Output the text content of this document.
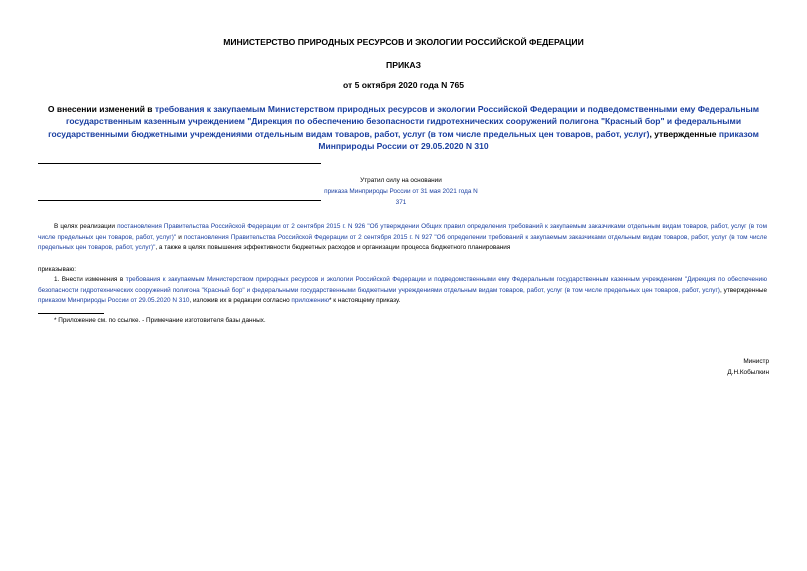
МИНИСТЕРСТВО ПРИРОДНЫХ РЕСУРСОВ И ЭКОЛОГИИ РОССИЙСКОЙ ФЕДЕРАЦИИ
ПРИКАЗ
от 5 октября 2020 года N 765
О внесении изменений в требования к закупаемым Министерством природных ресурсов и экологии Российской Федерации и подведомственными ему Федеральным государственным казенным учреждением "Дирекция по обеспечению безопасности гидротехнических сооружений полигона "Красный бор" и федеральными государственными бюджетными учреждениями отдельным видам товаров, работ, услуг (в том числе предельных цен товаров, работ, услуг), утвержденные приказом Минприроды России от 29.05.2020 N 310
Утратил силу на основании
приказа Минприроды России от 31 мая 2021 года N 371
В целях реализации постановления Правительства Российской Федерации от 2 сентября 2015 г. N 926 "Об утверждении Общих правил определения требований к закупаемым заказчиками отдельным видам товаров, работ, услуг (в том числе предельных цен товаров, работ, услуг)" и постановления Правительства Российской Федерации от 2 сентября 2015 г. N 927 "Об определении требований к закупаемым заказчиками отдельным видам товаров, работ, услуг (в том числе предельных цен товаров, работ, услуг)", а также в целях повышения эффективности бюджетных расходов и организации процесса бюджетного планирования
приказываю:
1. Внести изменения в требования к закупаемым Министерством природных ресурсов и экологии Российской Федерации и подведомственными ему Федеральным государственным казенным учреждением "Дирекция по обеспечению безопасности гидротехнических сооружений полигона "Красный бор" и федеральными государственными бюджетными учреждениями отдельным видам товаров, работ, услуг (в том числе предельных цен товаров, работ, услуг), утвержденные приказом Минприроды России от 29.05.2020 N 310, изложив их в редакции согласно приложению* к настоящему приказу.
* Приложение см. по ссылке. - Примечание изготовителя базы данных.
Министр
Д.Н.Кобылкин
